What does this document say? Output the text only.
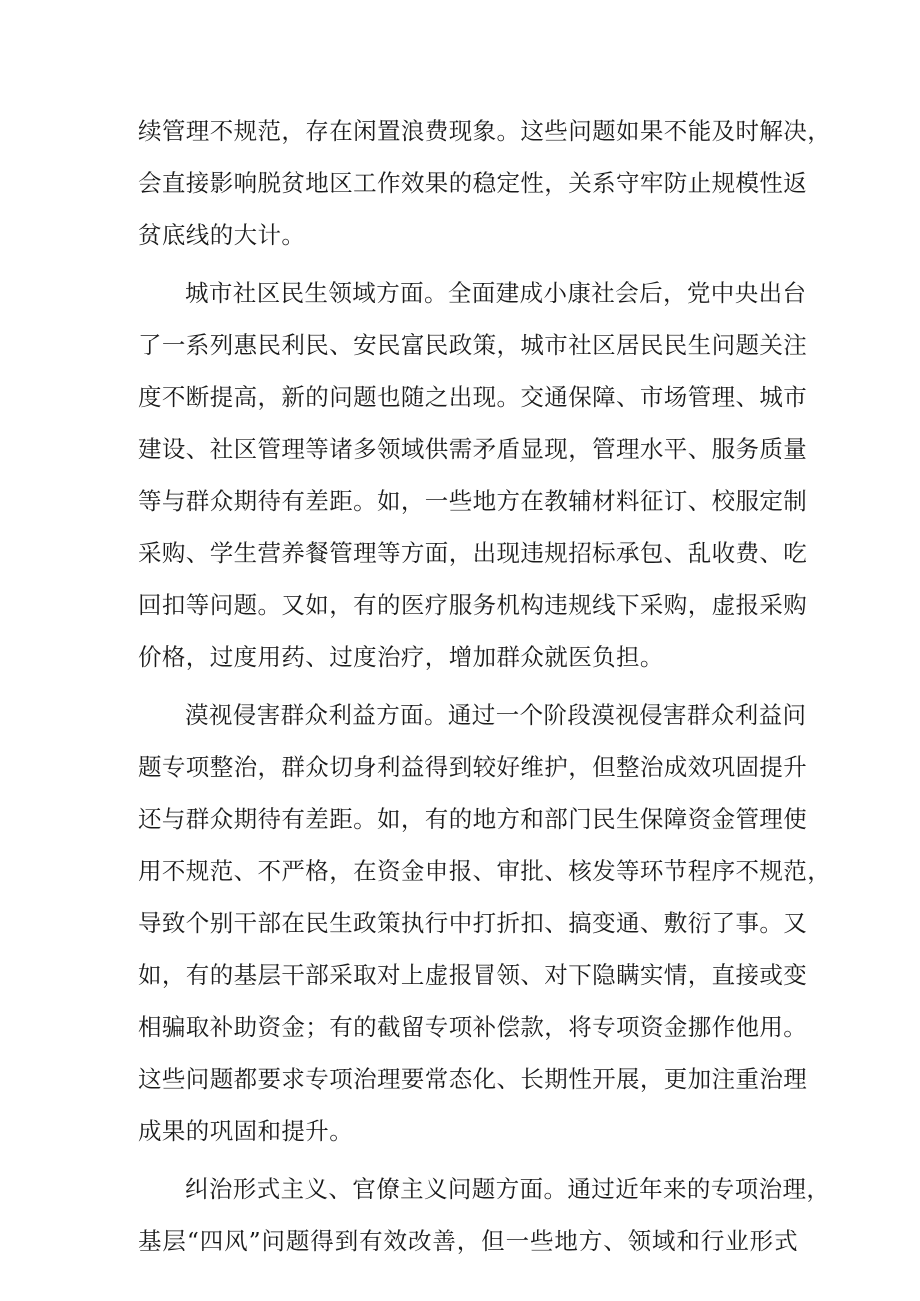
续管理不规范，存在闲置浪费现象。这些问题如果不能及时解决，
会直接影响脱贫地区工作效果的稳定性，关系守牢防止规模性返
贫底线的大计。
城市社区民生领域方面。全面建成小康社会后，党中央出台
了一系列惠民利民、安民富民政策，城市社区居民民生问题关注
度不断提高，新的问题也随之出现。交通保障、市场管理、城市
建设、社区管理等诸多领域供需矛盾显现，管理水平、服务质量
等与群众期待有差距。如，一些地方在教辅材料征订、校服定制
采购、学生营养餐管理等方面，出现违规招标承包、乱收费、吃
回扣等问题。又如，有的医疗服务机构违规线下采购，虚报采购
价格，过度用药、过度治疗，增加群众就医负担。
漠视侵害群众利益方面。通过一个阶段漠视侵害群众利益问
题专项整治，群众切身利益得到较好维护，但整治成效巩固提升
还与群众期待有差距。如，有的地方和部门民生保障资金管理使
用不规范、不严格，在资金申报、审批、核发等环节程序不规范，
导致个别干部在民生政策执行中打折扣、搞变通、敷衍了事。又
如，有的基层干部采取对上虚报冒领、对下隐瞒实情，直接或变
相骗取补助资金；有的截留专项补偿款，将专项资金挪作他用。
这些问题都要求专项治理要常态化、长期性开展，更加注重治理
成果的巩固和提升。
纠治形式主义、官僚主义问题方面。通过近年来的专项治理，
基层“四风”问题得到有效改善，但一些地方、领域和行业形式
